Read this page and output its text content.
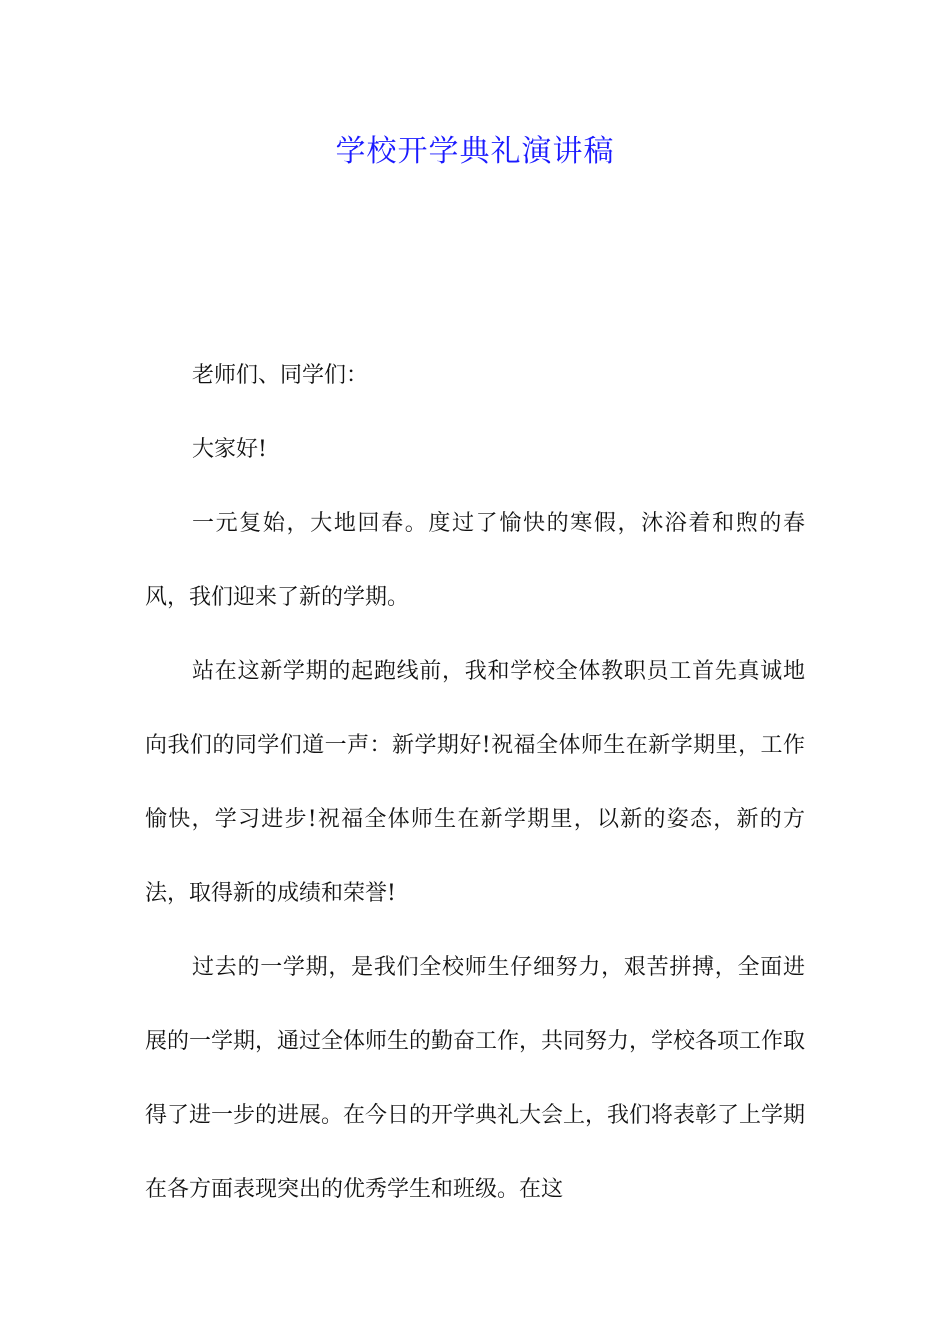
学校开学典礼演讲稿

老师们、同学们：

大家好!

一元复始，大地回春。度过了愉快的寒假，沐浴着和煦的春风，我们迎来了新的学期。

站在这新学期的起跑线前，我和学校全体教职员工首先真诚地向我们的同学们道一声：新学期好!祝福全体师生在新学期里，工作愉快，学习进步!祝福全体师生在新学期里，以新的姿态，新的方法，取得新的成绩和荣誉!

过去的一学期，是我们全校师生仔细努力，艰苦拼搏，全面进展的一学期，通过全体师生的勤奋工作，共同努力，学校各项工作取得了进一步的进展。在今日的开学典礼大会上，我们将表彰了上学期在各方面表现突出的优秀学生和班级。在这
